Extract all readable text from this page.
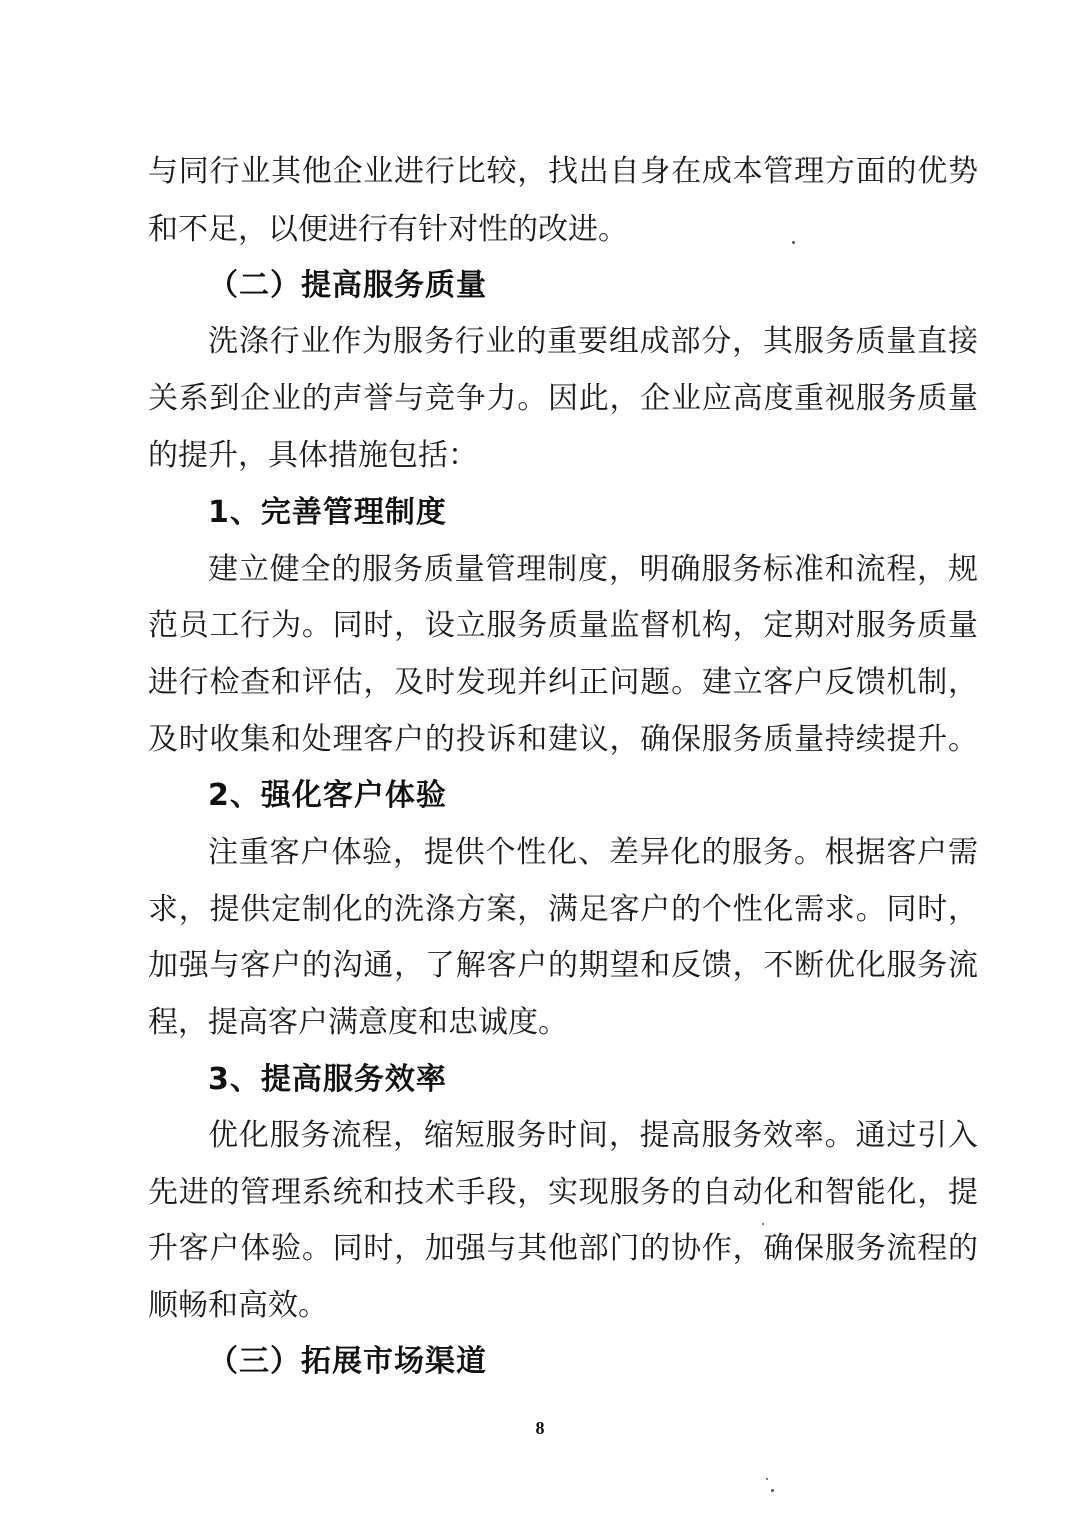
与同行业其他企业进行比较，找出自身在成本管理方面的优势
和不足，以便进行有针对性的改进。
（二）提高服务质量
洗涤行业作为服务行业的重要组成部分，其服务质量直接
关系到企业的声誉与竞争力。因此，企业应高度重视服务质量
的提升，具体措施包括：
1、完善管理制度
建立健全的服务质量管理制度，明确服务标准和流程，规
范员工行为。同时，设立服务质量监督机构，定期对服务质量
进行检查和评估，及时发现并纠正问题。建立客户反馈机制，
及时收集和处理客户的投诉和建议，确保服务质量持续提升。
2、强化客户体验
注重客户体验，提供个性化、差异化的服务。根据客户需
求，提供定制化的洗涤方案，满足客户的个性化需求。同时，
加强与客户的沟通，了解客户的期望和反馈，不断优化服务流
程，提高客户满意度和忠诚度。
3、提高服务效率
优化服务流程，缩短服务时间，提高服务效率。通过引入
先进的管理系统和技术手段，实现服务的自动化和智能化，提
升客户体验。同时，加强与其他部门的协作，确保服务流程的
顺畅和高效。
（三）拓展市场渠道
8
